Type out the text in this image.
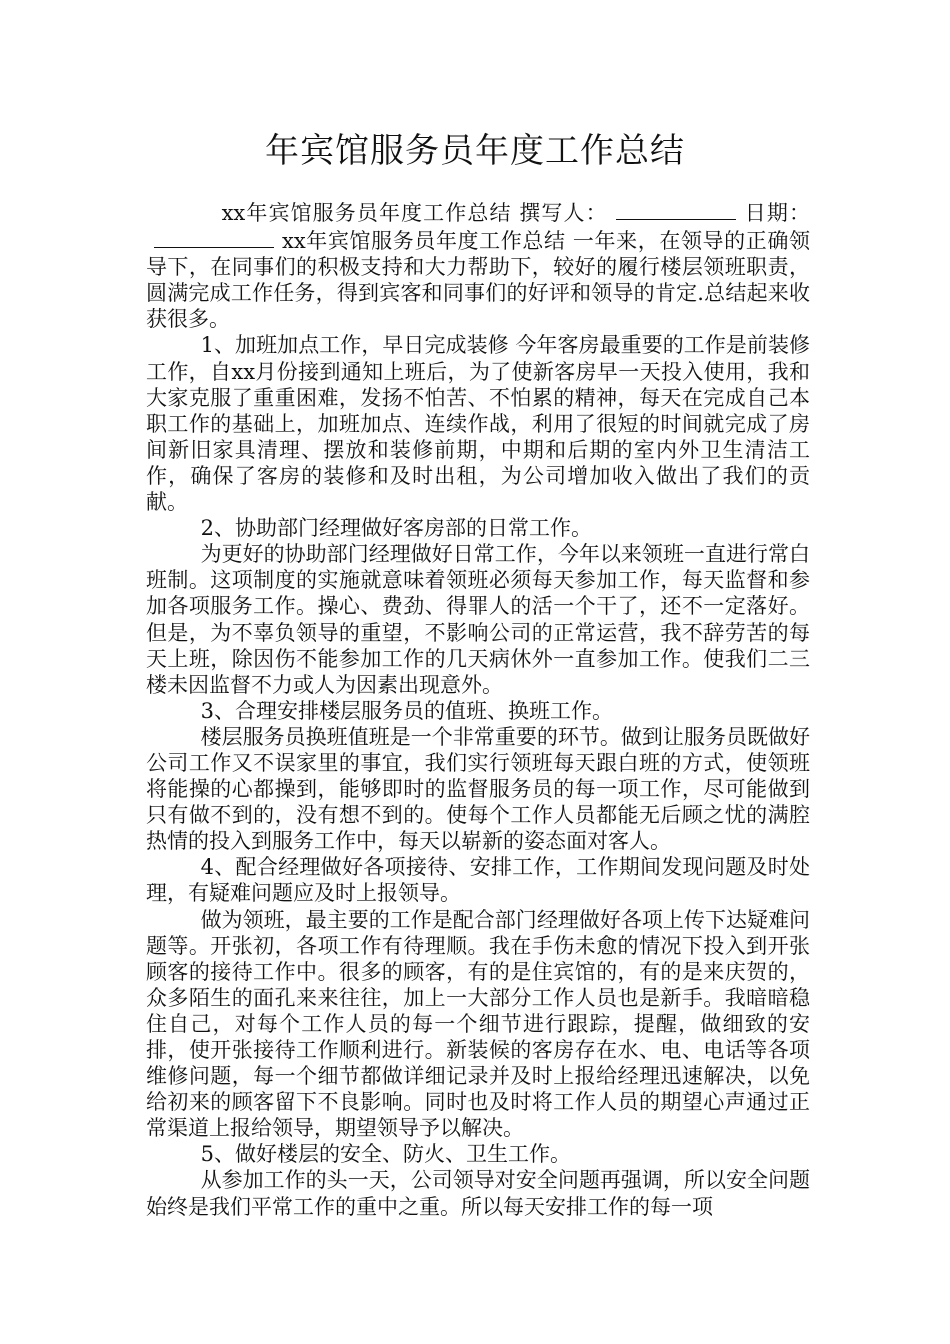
年宾馆服务员年度工作总结

xx年宾馆服务员年度工作总结 撰写人：	日期：xx年宾馆服务员年度工作总结 一年来，在领导的正确领导下，在同事们的积极支持和大力帮助下，较好的履行楼层领班职责，圆满完成工作任务，得到宾客和同事们的好评和领导的肯定.总结起来收获很多。

1、加班加点工作，早日完成装修 今年客房最重要的工作是前装修工作，自xx月份接到通知上班后，为了使新客房早一天投入使用，我和大家克服了重重困难，发扬不怕苦、不怕累的精神，每天在完成自己本职工作的基础上，加班加点、连续作战，利用了很短的时间就完成了房间新旧家具清理、摆放和装修前期，中期和后期的室内外卫生清洁工作，确保了客房的装修和及时出租，为公司增加收入做出了我们的贡献。

2、协助部门经理做好客房部的日常工作。

为更好的协助部门经理做好日常工作，今年以来领班一直进行常白班制。这项制度的实施就意味着领班必须每天参加工作，每天监督和参加各项服务工作。操心、费劲、得罪人的活一个干了，还不一定落好。但是，为不辜负领导的重望，不影响公司的正常运营，我不辞劳苦的每天上班，除因伤不能参加工作的几天病休外一直参加工作。使我们二三楼未因监督不力或人为因素出现意外。

3、合理安排楼层服务员的值班、换班工作。

楼层服务员换班值班是一个非常重要的环节。做到让服务员既做好公司工作又不误家里的事宜，我们实行领班每天跟白班的方式，使领班将能操的心都操到，能够即时的监督服务员的每一项工作，尽可能做到只有做不到的，没有想不到的。使每个工作人员都能无后顾之忧的满腔热情的投入到服务工作中，每天以崭新的姿态面对客人。

4、配合经理做好各项接待、安排工作，工作期间发现问题及时处理，有疑难问题应及时上报领导。

做为领班，最主要的工作是配合部门经理做好各项上传下达疑难问题等。开张初，各项工作有待理顺。我在手伤未愈的情况下投入到开张顾客的接待工作中。很多的顾客，有的是住宾馆的，有的是来庆贺的，众多陌生的面孔来来往往，加上一大部分工作人员也是新手。我暗暗稳住自己，对每个工作人员的每一个细节进行跟踪，提醒，做细致的安排，使开张接待工作顺利进行。新装候的客房存在水、电、电话等各项维修问题，每一个细节都做详细记录并及时上报给经理迅速解决，以免给初来的顾客留下不良影响。同时也及时将工作人员的期望心声通过正常渠道上报给领导，期望领导予以解决。

5、做好楼层的安全、防火、卫生工作。

从参加工作的头一天，公司领导对安全问题再强调，所以安全问题始终是我们平常工作的重中之重。所以每天安排工作的每一项
